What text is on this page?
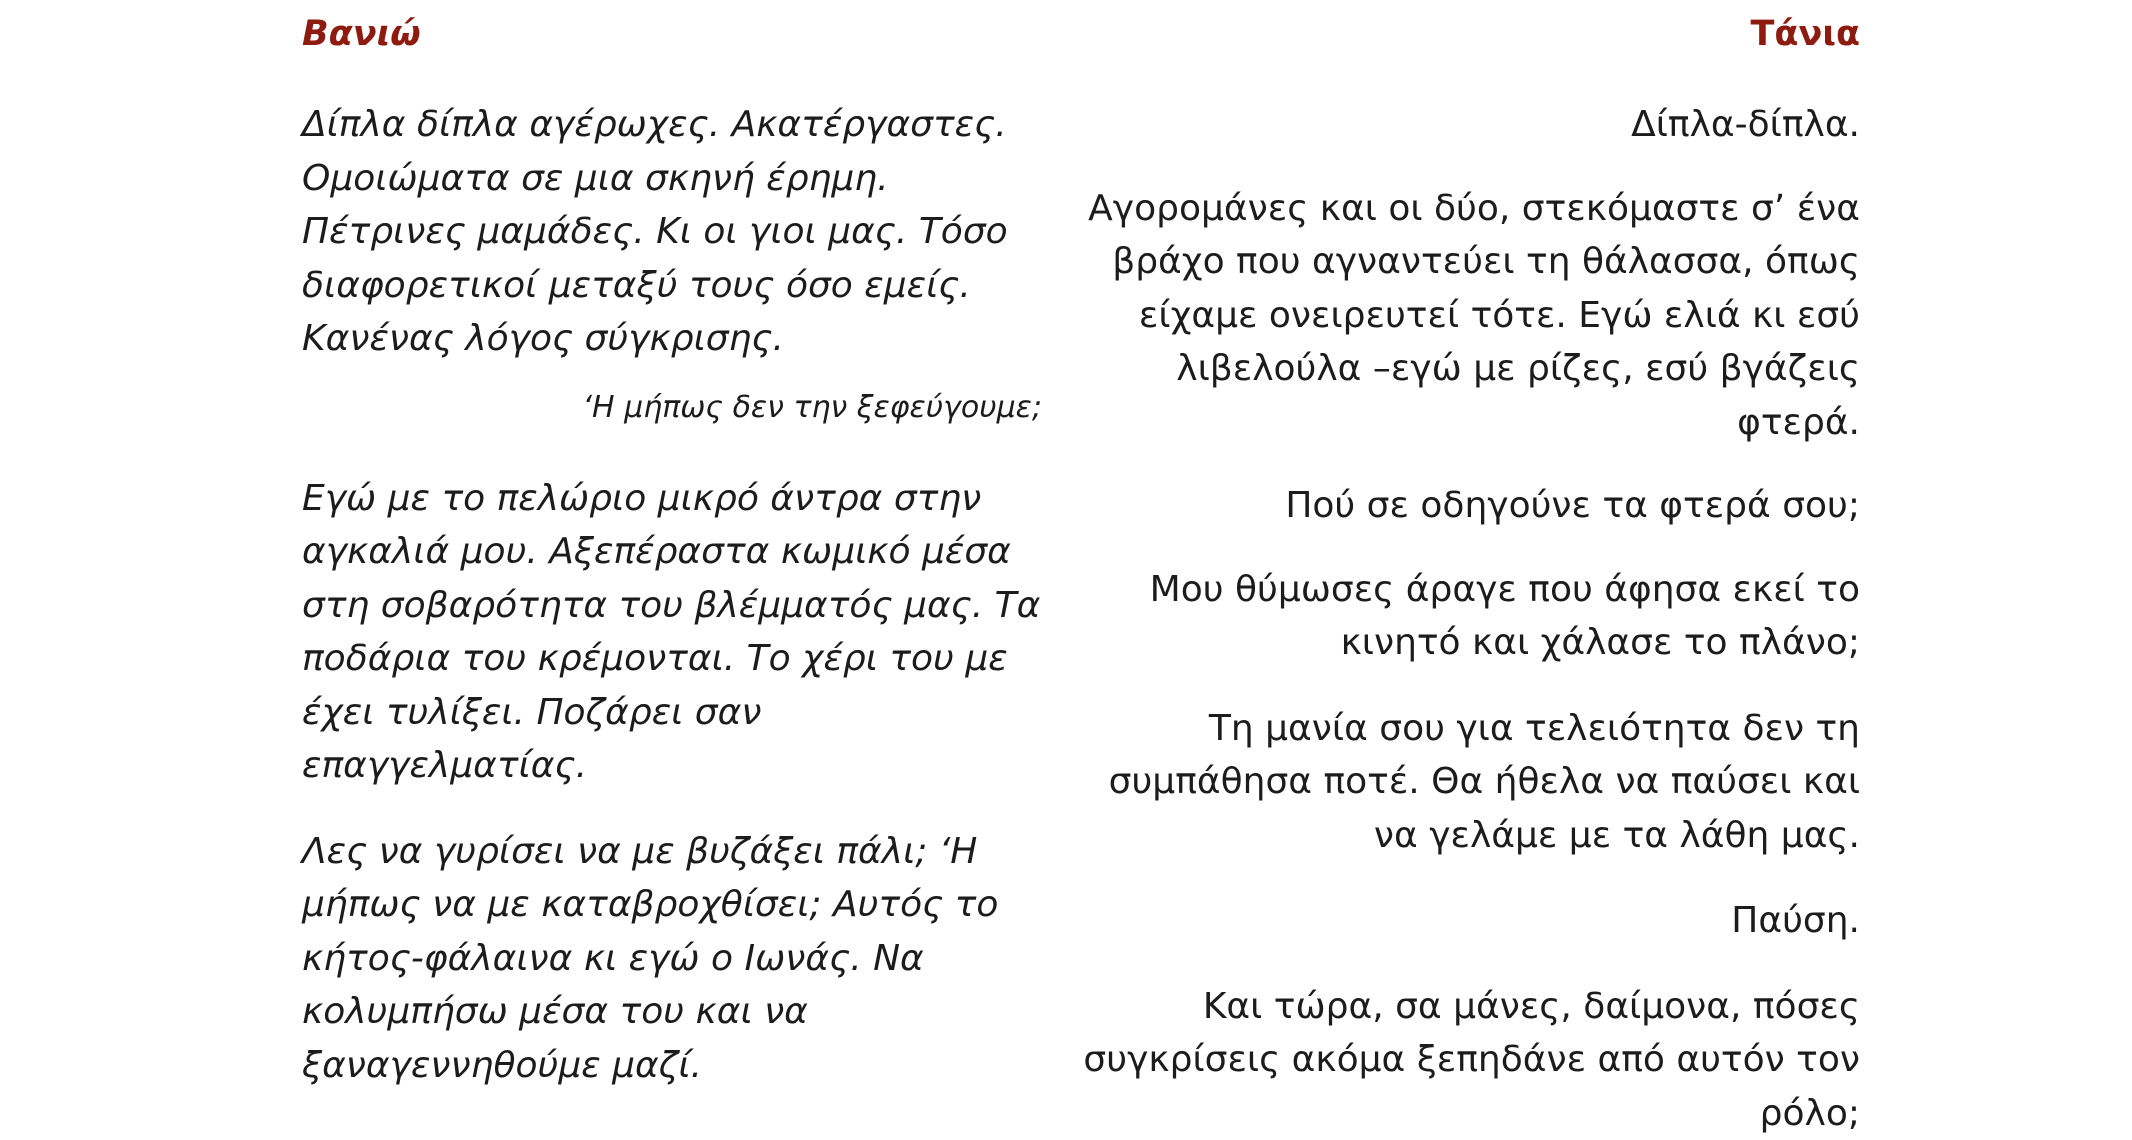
Βανιώ

Δίπλα δίπλα αγέρωχες. Ακατέργαστες. Ομοιώματα σε μια σκηνή έρημη. Πέτρινες μαμάδες. Κι οι γιοι μας. Τόσο διαφορετικοί μεταξύ τους όσο εμείς. Κανένας λόγος σύγκρισης.

‘Η μήπως δεν την ξεφεύγουμε;

Εγώ με το πελώριο μικρό άντρα στην αγκαλιά μου. Αξεπέραστα κωμικό μέσα στη σοβαρότητα του βλέμματός μας. Τα ποδάρια του κρέμονται. Το χέρι του με έχει τυλίξει. Ποζάρει σαν επαγγελματίας.

Λες να γυρίσει να με βυζάξει πάλι; ‘Η μήπως να με καταβροχθίσει; Αυτός το κήτος-φάλαινα κι εγώ ο Ιωνάς. Να κολυμπήσω μέσα του και να ξαναγεννηθούμε μαζί.

Τάνια

Δίπλα-δίπλα.

Αγορομάνες και οι δύο, στεκόμαστε σ’ ένα βράχο που αγναντεύει τη θάλασσα, όπως είχαμε ονειρευτεί τότε. Εγώ ελιά κι εσύ λιβελούλα –εγώ με ρίζες, εσύ βγάζεις φτερά.

Πού σε οδηγούνε τα φτερά σου;

Μου θύμωσες άραγε που άφησα εκεί το κινητό και χάλασε το πλάνο;

Τη μανία σου για τελειότητα δεν τη συμπάθησα ποτέ. Θα ήθελα να παύσει και να γελάμε με τα λάθη μας.

Παύση.

Και τώρα, σα μάνες, δαίμονα, πόσες συγκρίσεις ακόμα ξεπηδάνε από αυτόν τον ρόλο;
